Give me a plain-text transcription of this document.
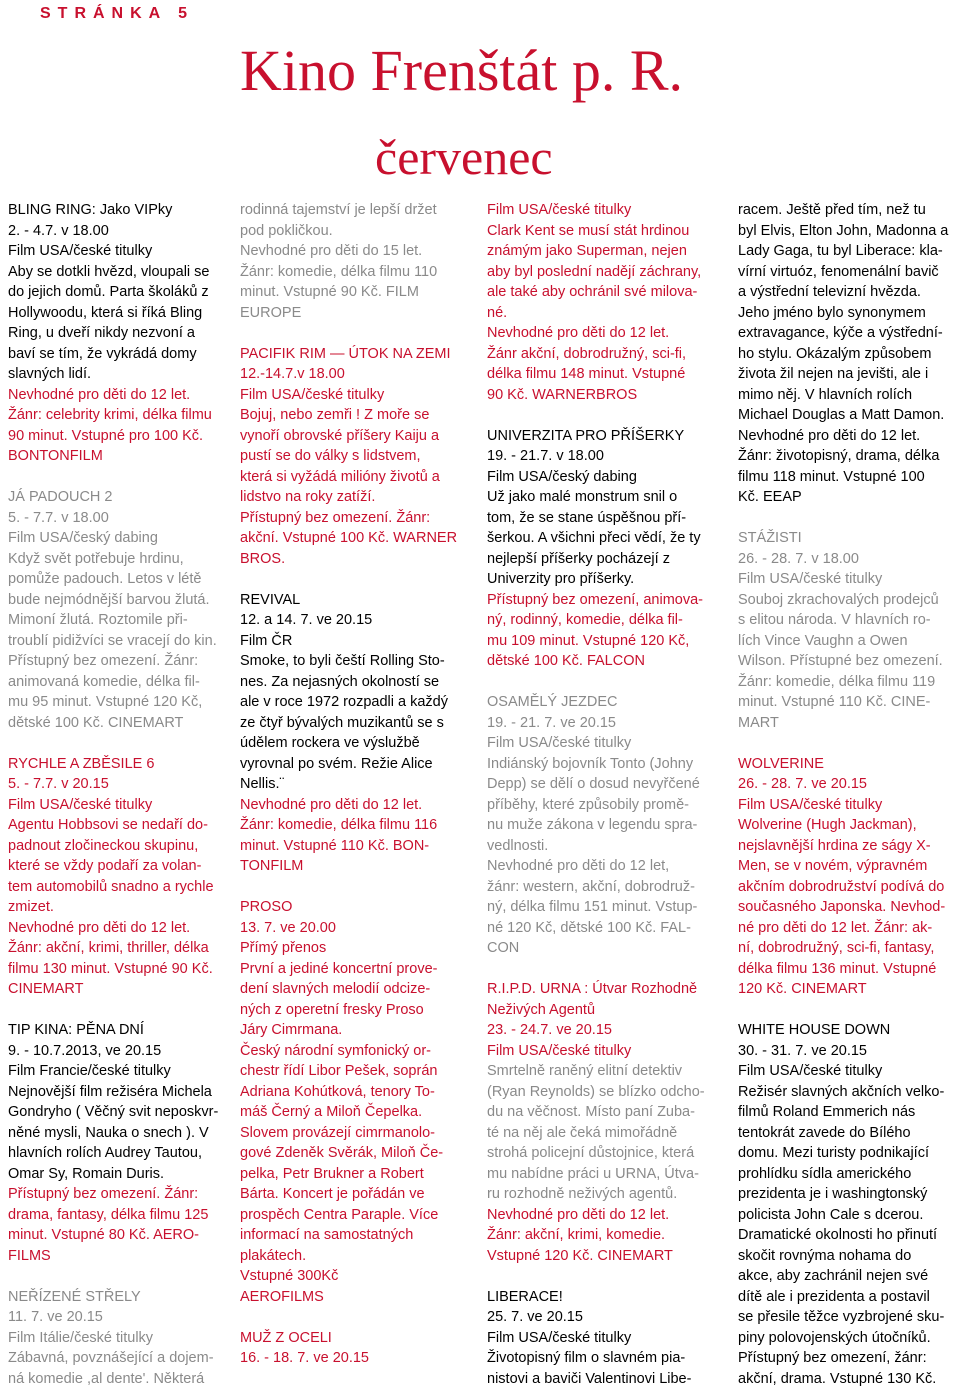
STRÁNKA 5
Kino Frenštát p. R.
červenec
BLING RING: Jako VIPky
2. - 4.7. v 18.00
Film USA/české titulky
Aby se dotkli hvězd, vloupali se
do jejich domů. Parta školáků z
Hollywoodu, která si říká Bling
Ring, u dveří nikdy nezvoní a
baví se tím, že vykrádá domy
slavných lidí.
Nevhodné pro děti do 12 let.
Žánr: celebrity krimi, délka filmu
90 minut. Vstupné pro 100 Kč.
BONTONFILM
JÁ PADOUCH 2
5. - 7.7. v 18.00
Film USA/český dabing
Když svět potřebuje hrdinu,
pomůže padouch. Letos v létě
bude nejmódnější barvou žlutá.
Mimoní žlutá. Roztomile při-
troublí pidižvíci se vracejí do kin.
Přístupný bez omezení. Žánr:
animovaná komedie, délka fil-
mu 95 minut. Vstupné 120 Kč,
dětské 100 Kč. CINEMART
RYCHLE A ZBĚSILE 6
5. - 7.7. v 20.15
Film USA/české titulky
Agentu Hobbsovi se nedaří do-
padnout zločineckou skupinu,
které se vždy podaří za volan-
tem automobilů snadno a rychle
zmizet.
Nevhodné pro děti do 12 let.
Žánr: akční, krimi, thriller, délka
filmu 130 minut. Vstupné 90 Kč.
CINEMART
TIP KINA: PĚNA DNÍ
9. - 10.7.2013, ve 20.15
Film Francie/české titulky
Nejnovější film režiséra Michela
Gondryho ( Věčný svit neposkvr-
něné mysli, Nauka o snech ). V
hlavních rolích Audrey Tautou,
Omar Sy, Romain Duris.
Přístupný bez omezení. Žánr:
drama, fantasy, délka filmu 125
minut. Vstupné 80 Kč. AERO-
FILMS
NEŘÍZENÉ STŘELY
11. 7. ve 20.15
Film Itálie/české titulky
Zábavná, povznášející a dojem-
ná komedie ,al dente'. Některá
rodinná tajemství je lepší držet
pod pokličkou.
Nevhodné pro děti do 15 let.
Žánr: komedie, délka filmu 110
minut. Vstupné 90 Kč. FILM
EUROPE
PACIFIK RIM — ÚTOK NA ZEMI
12.-14.7.v 18.00
Film USA/české titulky
Bojuj, nebo zemři ! Z moře se
vynoří obrovské příšery Kaiju a
pustí se do války s lidstvem,
která si vyžádá milióny životů a
lidstvo na roky zatíží.
Přístupný bez omezení. Žánr:
akční. Vstupné 100 Kč. WARNER
BROS.
REVIVAL
12. a 14. 7. ve 20.15
Film ČR
Smoke, to byli čeští Rolling Sto-
nes. Za nejasných okolností se
ale v roce 1972 rozpadli a každý
ze čtyř bývalých muzikantů se s
údělem rockera ve výslužbě
vyrovnal po svém. Režie Alice
Nellis.¨
Nevhodné pro děti do 12 let.
Žánr: komedie, délka filmu 116
minut. Vstupné 110 Kč. BON-
TONFILM
PROSO
13. 7. ve 20.00
Přímý přenos
První a jediné koncertní prove-
dení slavných melodií odcize-
ných z operetní fresky Proso
Járy Cimrmana.
Český národní symfonický or-
chestr řídí Libor Pešek, soprán
Adriana Kohútková, tenory To-
máš Černý a Miloň Čepelka.
Slovem provázejí cimrmanolo-
gové Zdeněk Svěrák, Miloň Če-
pelka, Petr Brukner a Robert
Bárta. Koncert je pořádán ve
prospěch Centra Paraple. Více
informací na samostatných
plakátech.
Vstupné 300Kč
AEROFILMS
MUŽ Z OCELI
16. - 18. 7. ve 20.15
Film USA/české titulky
Clark Kent se musí stát hrdinou
známým jako Superman, nejen
aby byl poslední nadějí záchrany,
ale také aby ochránil své milova-
né.
Nevhodné pro děti do 12 let.
Žánr akční, dobrodružný, sci-fi,
délka filmu 148 minut. Vstupné
90 Kč. WARNERBROS
UNIVERZITA PRO PŘÍŠERKY
19. - 21.7. v 18.00
Film USA/český dabing
Už jako malé monstrum snil o
tom, že se stane úspěšnou pří-
šerkou. A všichni přeci vědí, že ty
nejlepší příšerky pocházejí z
Univerzity pro příšerky.
Přístupný bez omezení, animova-
ný, rodinný, komedie, délka fil-
mu 109 minut. Vstupné 120 Kč,
dětské 100 Kč. FALCON
OSAMĚLÝ JEZDEC
19. - 21. 7. ve 20.15
Film USA/české titulky
Indiánský bojovník Tonto (Johny
Depp) se dělí o dosud nevyřčené
příběhy, které způsobily promě-
nu muže zákona v legendu spra-
vedlnosti.
Nevhodné pro děti do 12 let,
žánr: western, akční, dobrodruž-
ný, délka filmu 151 minut. Vstup-
né 120 Kč, dětské 100 Kč. FAL-
CON
R.I.P.D. URNA : Útvar Rozhodně
Neživých Agentů
23. - 24.7. ve 20.15
Film USA/české titulky
Smrtelně raněný elitní detektiv
(Ryan Reynolds) se blízko odcho-
du na věčnost. Místo paní Zuba-
té na něj ale čeká mimořádně
strohá policejní důstojnice, která
mu nabídne práci u URNA, Útva-
ru rozhodně neživých agentů.
Nevhodné pro děti do 12 let.
Žánr: akční, krimi, komedie.
Vstupné 120 Kč. CINEMART
LIBERACE!
25. 7. ve 20.15
Film USA/české titulky
Životopisný film o slavném pia-
nistovi a baviči Valentinovi Libe-
racem. Ještě před tím, než tu
byl Elvis, Elton John, Madonna a
Lady Gaga, tu byl Liberace: kla-
vírní virtuóz, fenomenální bavič
a výstřední televizní hvězda.
Jeho jméno bylo synonymem
extravagance, kýče a výstřední-
ho stylu. Okázalým způsobem
života žil nejen na jevišti, ale i
mimo něj. V hlavních rolích
Michael Douglas a Matt Damon.
Nevhodné pro děti do 12 let.
Žánr: životopisný, drama, délka
filmu 118 minut. Vstupné 100
Kč. EEAP
STÁŽISTI
26. - 28. 7. v 18.00
Film USA/české titulky
Souboj zkrachovalých prodejců
s elitou národa. V hlavních ro-
lích Vince Vaughn a Owen
Wilson. Přístupné bez omezení.
Žánr: komedie, délka filmu 119
minut. Vstupné 110 Kč. CINE-
MART
WOLVERINE
26. - 28. 7. ve 20.15
Film USA/české titulky
Wolverine (Hugh Jackman),
nejslavnější hrdina ze ságy X-
Men, se v novém, výpravném
akčním dobrodružství podívá do
současného Japonska. Nevhod-
né pro děti do 12 let. Žánr: ak-
ní, dobrodružný, sci-fi, fantasy,
délka filmu 136 minut. Vstupné
120 Kč. CINEMART
WHITE HOUSE DOWN
30. - 31. 7. ve 20.15
Film USA/české titulky
Režisér slavných akčních velko-
filmů Roland Emmerich nás
tentokrát zavede do Bílého
domu. Mezi turisty podnikající
prohlídku sídla amerického
prezidenta je i washingtonský
policista John Cale s dcerou.
Dramatické okolnosti ho přinutí
skočit rovnýma nohama do
akce, aby zachránil nejen své
dítě ale i prezidenta a postavil
se přesile těžce vyzbrojené sku-
piny polovojenských útočníků.
Přístupný bez omezení, žánr:
akční, drama. Vstupné 130 Kč.
